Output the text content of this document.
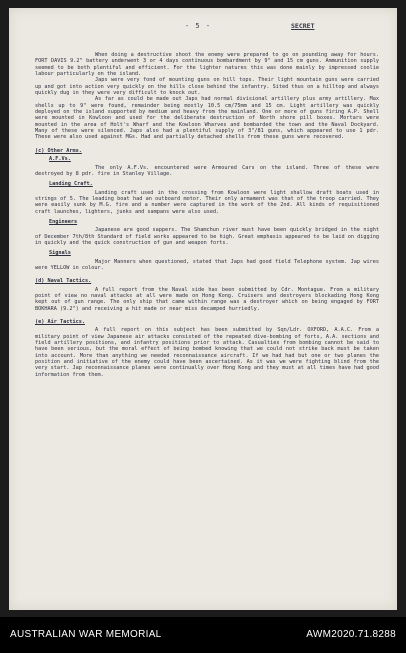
- 5 -	SECRET

When doing a destructive shoot the enemy were prepared to go on pounding away for hours. FORT DAVIS 9.2" battery underwent 3 or 4 days continuous bombardment by 9" and 15 cm guns. Ammunition supply seemed to be both plentiful and efficient. For the lighter natures this was done mainly by impressed coolie labour particularly on the island.

Japs were very fond of mounting guns on hill tops. Their light mountain guns were carried up and got into action very quickly on the hills close behind the infantry. Sited thus on a hilltop and always quickly dug in they were very difficult to knock out.

As far as could be made out Japs had normal divisional artillery plus army artillery. Max shells up to 9" were found, remainder being mostly 10.5 cm/75mm and 15 cm. Light artillery was quickly deployed on the island supported by medium and heavy from the mainland. One or more of guns firing A.P. Shell were mounted in Kowloon and used for the deliberate destruction of North shore pill boxes. Mortars were mounted in the area of Holt's Wharf and the Kowloon Wharves and bombarded the town and the Naval Dockyard. Many of these were silenced. Japs also had a plentiful supply of 3"/81 guns, which appeared to use 1 pdr. These were also used against MGs. Had and partially detached shells from these guns were recovered.

(c) Other Arms.
A.F.Vs.

The only A.F.Vs. encountered were Armoured Cars on the island. Three of these were destroyed by 8 pdr. fire in Stanley Village.

Landing Craft.

Landing craft used in the crossing from Kowloon were light shallow draft boats used in strings of 5. The leading boat had an outboard motor. Their only armament was that of the troop carried. They were easily sunk by M.G. fire and a number were captured in the work of the 2nd. All kinds of requisitioned craft launches, lighters, junks and sampans were also used.

Engineers

Japanese are good sappers. The Shamchun river must have been quickly bridged in the night of December 7th/8th Standard of field works appeared to be high. Great emphasis appeared to be laid on digging in quickly and the quick construction of gun and weapon forts.

Signals

Major Manners when questioned, stated that Japs had good field Telephone system. Jap wires were YELLOW in colour.

(d) Naval Tactics.

A full report from the Naval side has been submitted by Cdr. Montague. From a military point of view no naval attacks at all were made on Hong Kong. Cruisers and destroyers blockading Hong Kong kept out of gun range. The only ship that came within range was a destroyer which on being engaged by FORT BOKHARA (9.2") and receiving a hit made or near miss decamped hurriedly.

(e) Air Tactics.

A full report on this subject has been submitted by Sqn/Ldr. OXFORD, A.A.C. From a military point of view Japanese air attacks consisted of the repeated dive-bombing of forts, A.A. sections and field artillery positions, and infantry positions prior to attack. Casualties from bombing cannot be said to have been serious, but the moral effect of being bombed knowing that we could not strike back must be taken into account. More than anything we needed reconnaissance aircraft. If we had had but one or two planes the position and initiative of the enemy could have been ascertained. As it was we were fighting blind from the very start. Jap reconnaissance planes were continually over Hong Kong and they must at all times have had good information from them.

AUSTRALIAN WAR MEMORIAL	AWM2020.71.8288
